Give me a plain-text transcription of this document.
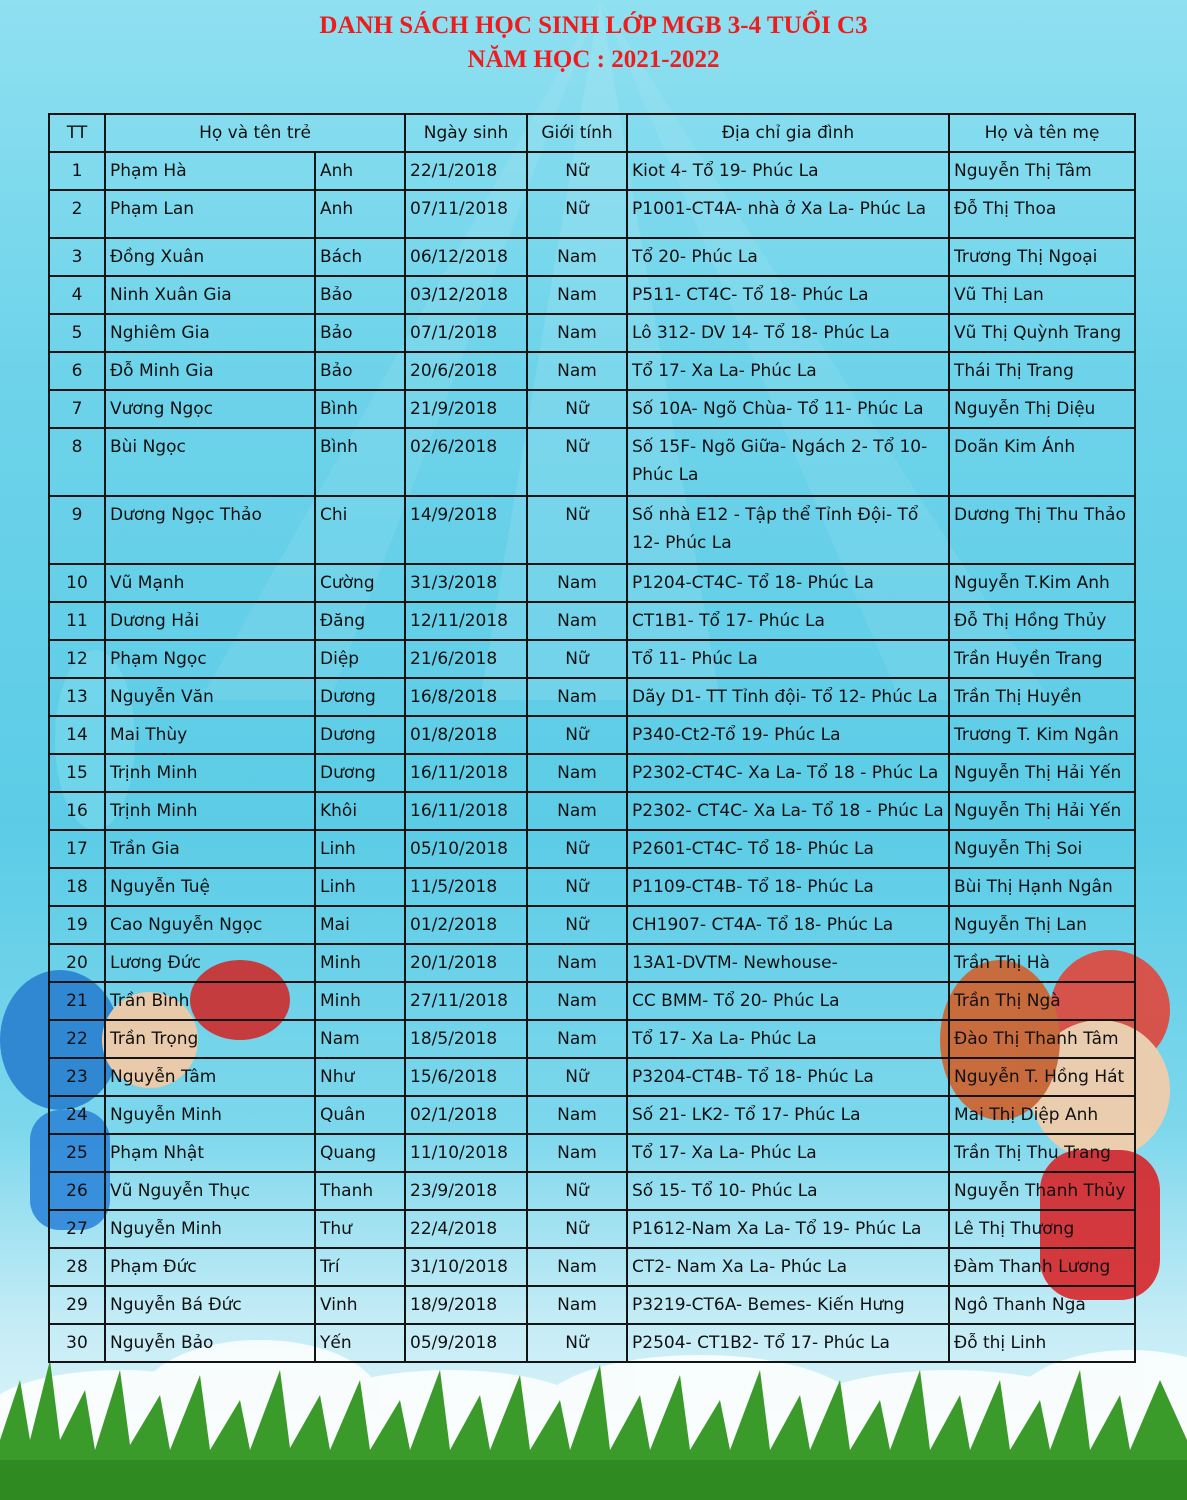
DANH SÁCH HỌC SINH LỚP MGB 3-4 TUỔI C3
NĂM HỌC : 2021-2022
TT	Họ và tên trẻ		Ngày sinh	Giới tính	Địa chỉ gia đình	Họ và tên mẹ
1	Phạm Hà	Anh	22/1/2018	Nữ	Kiot 4- Tổ 19- Phúc La	Nguyễn Thị Tâm
2	Phạm Lan	Anh	07/11/2018	Nữ	P1001-CT4A- nhà ở Xa La- Phúc La	Đỗ Thị Thoa
3	Đồng Xuân	Bách	06/12/2018	Nam	Tổ 20- Phúc La	Trương Thị Ngoại
4	Ninh Xuân Gia	Bảo	03/12/2018	Nam	P511- CT4C- Tổ 18- Phúc La	Vũ Thị Lan
5	Nghiêm Gia	Bảo	07/1/2018	Nam	Lô 312- DV 14- Tổ 18- Phúc La	Vũ Thị Quỳnh Trang
6	Đỗ Minh Gia	Bảo	20/6/2018	Nam	Tổ 17- Xa La- Phúc La	Thái Thị Trang
7	Vương Ngọc	Bình	21/9/2018	Nữ	Số 10A- Ngõ Chùa- Tổ 11- Phúc La	Nguyễn Thị Diệu
8	Bùi Ngọc	Bình	02/6/2018	Nữ	Số 15F- Ngõ Giữa- Ngách 2- Tổ 10- Phúc La	Doãn Kim Ánh
9	Dương Ngọc Thảo	Chi	14/9/2018	Nữ	Số nhà E12 - Tập thể Tỉnh Đội- Tổ 12- Phúc La	Dương Thị Thu Thảo
10	Vũ Mạnh	Cường	31/3/2018	Nam	P1204-CT4C- Tổ 18- Phúc La	Nguyễn T.Kim Anh
11	Dương Hải	Đăng	12/11/2018	Nam	CT1B1- Tổ 17- Phúc La	Đỗ Thị Hồng Thủy
12	Phạm Ngọc	Diệp	21/6/2018	Nữ	Tổ 11- Phúc La	Trần Huyền Trang
13	Nguyễn Văn	Dương	16/8/2018	Nam	Dãy D1- TT Tỉnh đội- Tổ 12- Phúc La	Trần Thị Huyền
14	Mai Thùy	Dương	01/8/2018	Nữ	P340-Ct2-Tổ 19- Phúc La	Trương T. Kim Ngân
15	Trịnh Minh	Dương	16/11/2018	Nam	P2302-CT4C- Xa La- Tổ 18 - Phúc La	Nguyễn Thị Hải Yến
16	Trịnh Minh	Khôi	16/11/2018	Nam	P2302- CT4C- Xa La- Tổ 18 - Phúc La	Nguyễn Thị Hải Yến
17	Trần Gia	Linh	05/10/2018	Nữ	P2601-CT4C- Tổ 18- Phúc La	Nguyễn Thị Soi
18	Nguyễn Tuệ	Linh	11/5/2018	Nữ	P1109-CT4B- Tổ 18- Phúc La	Bùi Thị Hạnh Ngân
19	Cao Nguyễn Ngọc	Mai	01/2/2018	Nữ	CH1907- CT4A- Tổ 18- Phúc La	Nguyễn Thị Lan
20	Lương Đức	Minh	20/1/2018	Nam	13A1-DVTM- Newhouse-	Trần Thị Hà
21	Trần Bình	Minh	27/11/2018	Nam	CC BMM- Tổ 20- Phúc La	Trần Thị Ngà
22	Trần Trọng	Nam	18/5/2018	Nam	Tổ 17- Xa La- Phúc La	Đào Thị Thanh Tâm
23	Nguyễn Tâm	Như	15/6/2018	Nữ	P3204-CT4B- Tổ 18- Phúc La	Nguyễn T. Hồng Hát
24	Nguyễn Minh	Quân	02/1/2018	Nam	Số 21- LK2- Tổ 17- Phúc La	Mai Thị Diệp Anh
25	Phạm Nhật	Quang	11/10/2018	Nam	Tổ 17- Xa La- Phúc La	Trần Thị Thu Trang
26	Vũ Nguyễn Thục	Thanh	23/9/2018	Nữ	Số 15- Tổ 10- Phúc La	Nguyễn Thanh Thủy
27	Nguyễn Minh	Thư	22/4/2018	Nữ	P1612-Nam Xa La- Tổ 19- Phúc La	Lê Thị Thương
28	Phạm Đức	Trí	31/10/2018	Nam	CT2- Nam Xa La- Phúc La	Đàm Thanh Lương
29	Nguyễn Bá Đức	Vinh	18/9/2018	Nam	P3219-CT6A- Bemes- Kiến Hưng	Ngô Thanh Nga
30	Nguyễn Bảo	Yến	05/9/2018	Nữ	P2504- CT1B2- Tổ 17- Phúc La	Đỗ thị Linh
